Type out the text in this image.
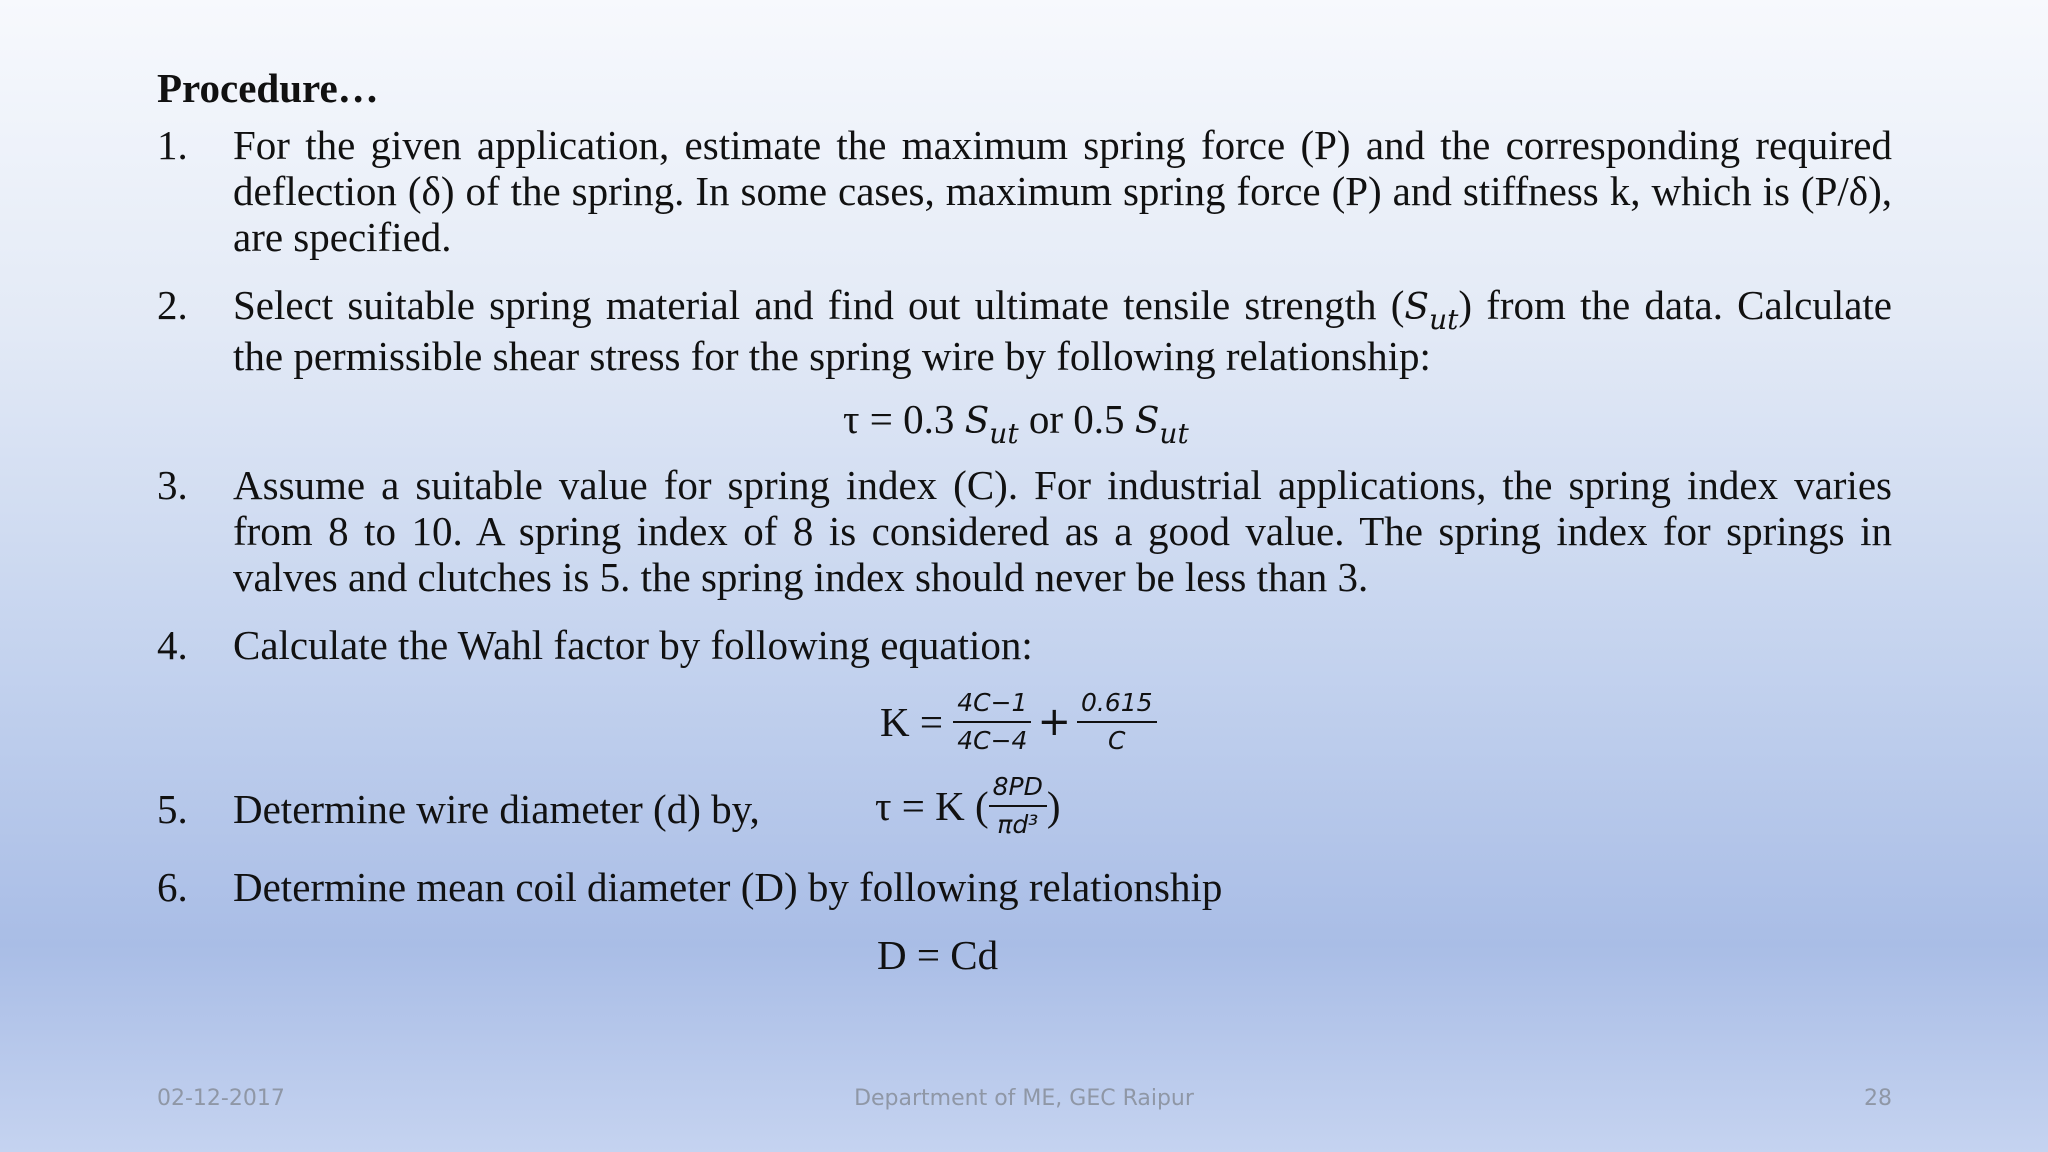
Procedure…
1. For the given application, estimate the maximum spring force (P) and the corresponding required deflection (δ) of the spring. In some cases, maximum spring force (P) and stiffness k, which is (P/δ), are specified.
2. Select suitable spring material and find out ultimate tensile strength $(S_{ut})$ from the data. Calculate the permissible shear stress for the spring wire by following relationship:
τ = 0.3 $S_{ut}$ or 0.5 $S_{ut}$
3. Assume a suitable value for spring index (C). For industrial applications, the spring index varies from 8 to 10. A spring index of 8 is considered as a good value. The spring index for springs in valves and clutches is 5. the spring index should never be less than 3.
4. Calculate the Wahl factor by following equation:
$K = \frac{4C-1}{4C-4} + \frac{0.615}{C}$
5. Determine wire diameter (d) by,	τ = K ( $\frac{8PD}{\text{πd³}}$ )
6. Determine mean coil diameter (D) by following relationship
D = Cd
02-12-2017	Department of ME, GEC Raipur	28
